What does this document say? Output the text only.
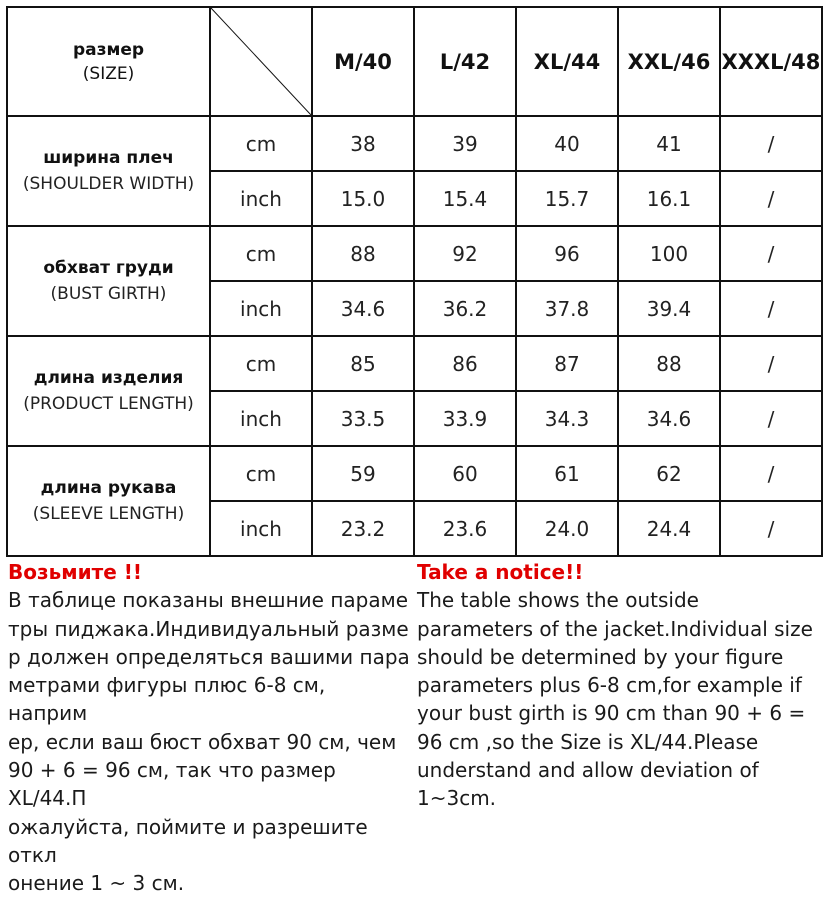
размер
(SIZE)		M/40	L/42	XL/44	XXL/46	XXXL/48

ширина плеч
(SHOULDER WIDTH)	cm	38	39	40	41	/
	inch	15.0	15.4	15.7	16.1	/

обхват груди
(BUST GIRTH)	cm	88	92	96	100	/
	inch	34.6	36.2	37.8	39.4	/

длина изделия
(PRODUCT LENGTH)	cm	85	86	87	88	/
	inch	33.5	33.9	34.3	34.6	/

длина рукава
(SLEEVE LENGTH)	cm	59	60	61	62	/
	inch	23.2	23.6	24.0	24.4	/
Возьмите !!
В таблице показаны внешние параме
тры пиджака.Индивидуальный разме
р должен определяться вашими пара
метрами фигуры плюс 6-8 см, наприм
ер, если ваш бюст обхват 90 см, чем
90 + 6 = 96 см, так что размер XL/44.П
ожалуйста, поймите и разрешите откл
онение 1 ~ 3 см.
Take a notice!!
The table shows the outside
parameters of the jacket.Individual size
should be determined by your figure
parameters plus 6-8 cm,for example if
your bust girth is 90 cm than 90 + 6 =
96 cm ,so the Size is XL/44.Please
understand and allow deviation of
1~3cm.
